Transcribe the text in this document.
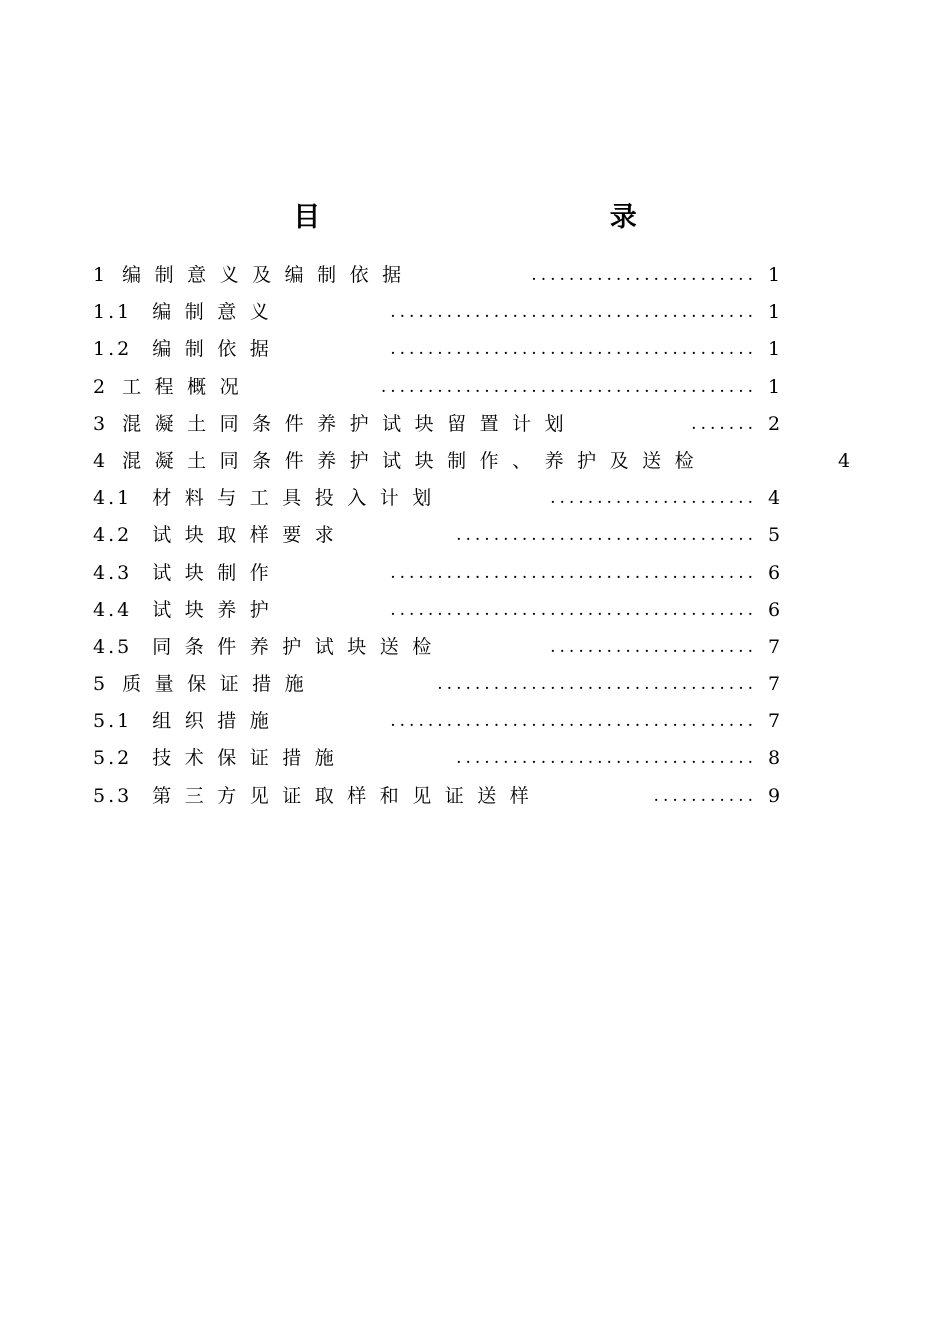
目 录
1 编制意义及编制依据	........................ 1
1.1 编制意义	....................................... 1
1.2 编制依据	....................................... 1
2 工程概况	........................................ 1
3 混凝土同条件养护试块留置计划	....... 2
4 混凝土同条件养护试块制作、养护及送检	4
4.1 材料与工具投入计划	...................... 4
4.2 试块取样要求	................................ 5
4.3 试块制作	....................................... 6
4.4 试块养护	....................................... 6
4.5 同条件养护试块送检	...................... 7
5 质量保证措施	.................................. 7
5.1 组织措施	....................................... 7
5.2 技术保证措施	................................ 8
5.3 第三方见证取样和见证送样	........... 9
